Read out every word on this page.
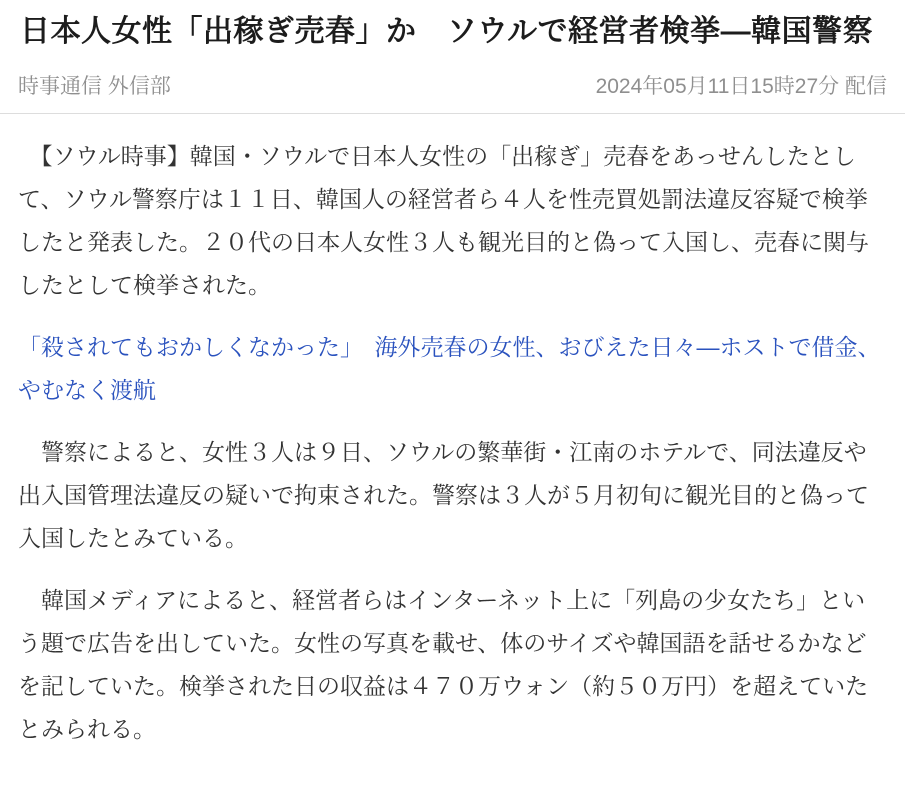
日本人女性「出稼ぎ売春」か　ソウルで経営者検挙―韓国警察
時事通信 外信部	2024年05月11日15時27分 配信

　【ソウル時事】韓国・ソウルで日本人女性の「出稼ぎ」売春をあっせんしたとして、ソウル警察庁は１１日、韓国人の経営者ら４人を性売買処罰法違反容疑で検挙したと発表した。２０代の日本人女性３人も観光目的と偽って入国し、売春に関与したとして検挙された。

「殺されてもおかしくなかった」　海外売春の女性、おびえた日々―ホストで借金、やむなく渡航

　警察によると、女性３人は９日、ソウルの繁華街・江南のホテルで、同法違反や出入国管理法違反の疑いで拘束された。警察は３人が５月初旬に観光目的と偽って入国したとみている。

　韓国メディアによると、経営者らはインターネット上に「列島の少女たち」という題で広告を出していた。女性の写真を載せ、体のサイズや韓国語を話せるかなどを記していた。検挙された日の収益は４７０万ウォン（約５０万円）を超えていたとみられる。
